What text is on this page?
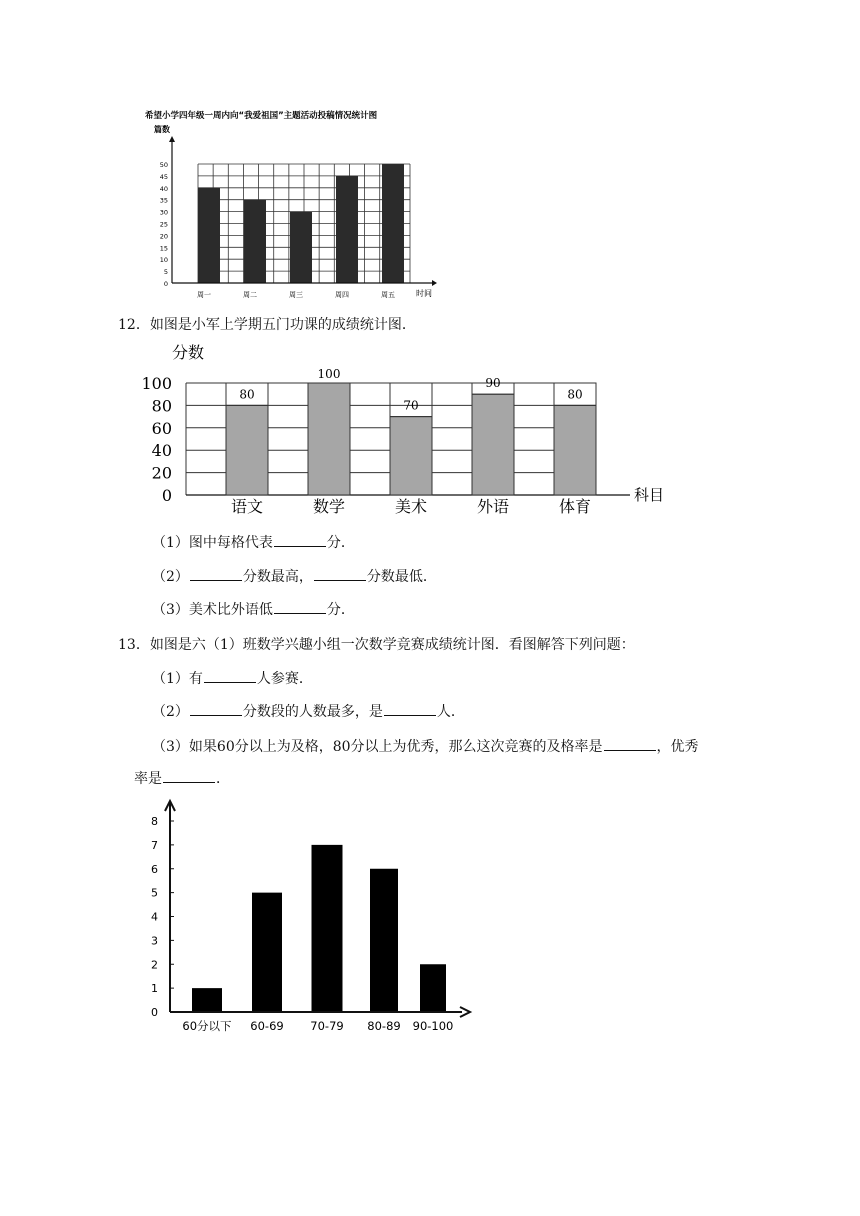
希望小学四年级一周内向“我爱祖国”主题活动投稿情况统计图
篇数
时间
0
5
10
15
20
25
30
35
40
45
50
周一	周二	周三	周四	周五
12．如图是小军上学期五门功课的成绩统计图．
分数
科目
80
100
70
90
80
0
20
40
60
80
100
语文	数学	美术	外语	体育
（1）图中每格代表	分．
（2）	分数最高，	分数最低．
（3）美术比外语低	分．
13．如图是六（1）班数学兴趣小组一次数学竞赛成绩统计图．看图解答下列问题：
（1）有	人参赛．
（2）	分数段的人数最多，是	人．
（3）如果60分以上为及格，80分以上为优秀，那么这次竞赛的及格率是	，优秀
率是	．
0
1
2
3
4
5
6
7
8
60分以下 60-69 70-79 80-89 90-100
